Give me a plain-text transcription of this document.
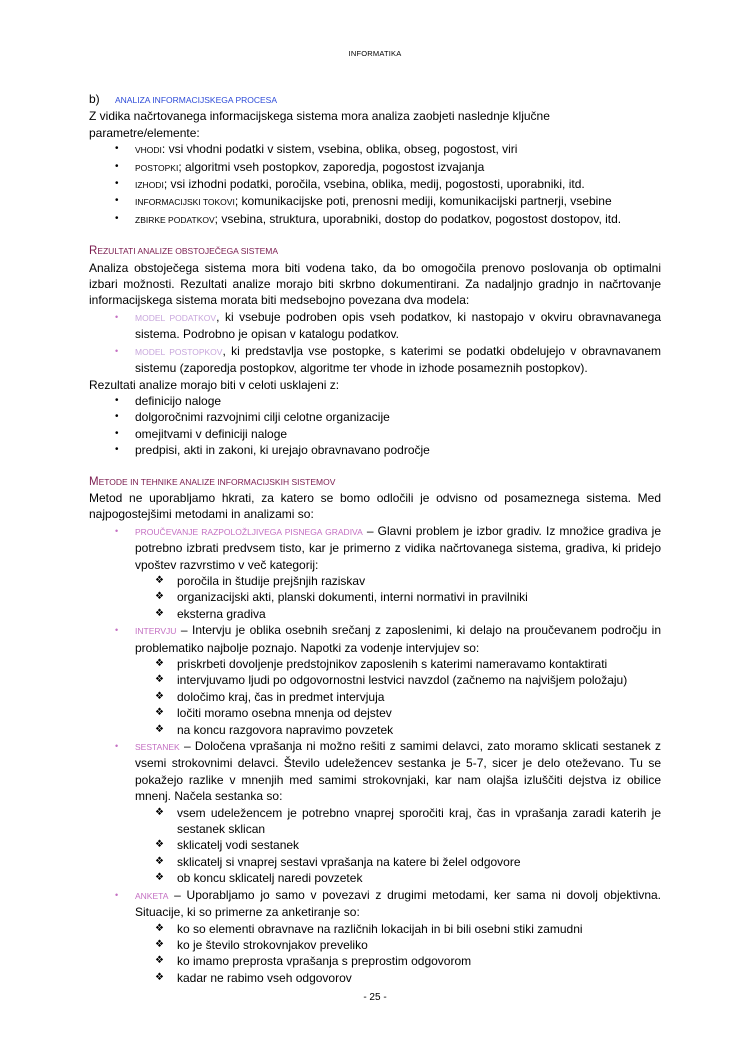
INFORMATIKA
b) ANALIZA INFORMACIJSKEGA PROCESA
Z vidika načrtovanega informacijskega sistema mora analiza zaobjeti naslednje ključne parametre/elemente:
• VHODI: vsi vhodni podatki v sistem, vsebina, oblika, obseg, pogostost, viri
• POSTOPKI; algoritmi vseh postopkov, zaporedja, pogostost izvajanja
• IZHODI; vsi izhodni podatki, poročila, vsebina, oblika, medij, pogostosti, uporabniki, itd.
• INFORMACIJSKI TOKOVI; komunikacijske poti, prenosni mediji, komunikacijski partnerji, vsebine
• ZBIRKE PODATKOV; vsebina, struktura, uporabniki, dostop do podatkov, pogostost dostopov, itd.
REZULTATI ANALIZE OBSTOJEČEGA SISTEMA
Analiza obstoječega sistema mora biti vodena tako, da bo omogočila prenovo poslovanja ob optimalni izbari možnosti. Rezultati analize morajo biti skrbno dokumentirani. Za nadaljnjo gradnjo in načrtovanje informacijskega sistema morata biti medsebojno povezana dva modela:
• MODEL PODATKOV, ki vsebuje podroben opis vseh podatkov, ki nastopajo v okviru obravnavanega sistema. Podrobno je opisan v katalogu podatkov.
• MODEL POSTOPKOV, ki predstavlja vse postopke, s katerimi se podatki obdelujejo v obravnavanem sistemu (zaporedja postopkov, algoritme ter vhode in izhode posameznih postopkov).
Rezultati analize morajo biti v celoti usklajeni z:
• definicijo naloge
• dolgoročnimi razvojnimi cilji celotne organizacije
• omejitvami v definiciji naloge
• predpisi, akti in zakoni, ki urejajo obravnavano področje
METODE IN TEHNIKE ANALIZE INFORMACIJSKIH SISTEMOV
Metod ne uporabljamo hkrati, za katero se bomo odločili je odvisno od posameznega sistema. Med najpogostejšimi metodami in analizami so:
• PROUČEVANJE RAZPOLOŽLJIVEGA PISNEGA GRADIVA – Glavni problem je izbor gradiv. Iz množice gradiva je potrebno izbrati predvsem tisto, kar je primerno z vidika načrtovanega sistema, gradiva, ki pridejo vpoštev razvrstimo v več kategorij:
❖ poročila in študije prejšnjih raziskav
❖ organizacijski akti, planski dokumenti, interni normativi in pravilniki
❖ eksterna gradiva
• INTERVJU – Intervju je oblika osebnih srečanj z zaposlenimi, ki delajo na proučevanem področju in problematiko najbolje poznajo. Napotki za vodenje intervjujev so:
❖ priskrbeti dovoljenje predstojnikov zaposlenih s katerimi nameravamo kontaktirati
❖ intervjuvamo ljudi po odgovornostni lestvici navzdol (začnemo na najvišjem položaju)
❖ določimo kraj, čas in predmet intervjuja
❖ ločiti moramo osebna mnenja od dejstev
❖ na koncu razgovora napravimo povzetek
• SESTANEK – Določena vprašanja ni možno rešiti z samimi delavci, zato moramo sklicati sestanek z vsemi strokovnimi delavci. Število udeležencev sestanka je 5-7, sicer je delo oteževano. Tu se pokažejo razlike v mnenjih med samimi strokovnjaki, kar nam olajša izluščiti dejstva iz obilice mnenj. Načela sestanka so:
❖ vsem udeležencem je potrebno vnaprej sporočiti kraj, čas in vprašanja zaradi katerih je sestanek sklican
❖ sklicatelj vodi sestanek
❖ sklicatelj si vnaprej sestavi vprašanja na katere bi želel odgovore
❖ ob koncu sklicatelj naredi povzetek
• ANKETA – Uporabljamo jo samo v povezavi z drugimi metodami, ker sama ni dovolj objektivna. Situacije, ki so primerne za anketiranje so:
❖ ko so elementi obravnave na različnih lokacijah in bi bili osebni stiki zamudni
❖ ko je število strokovnjakov preveliko
❖ ko imamo preprosta vprašanja s preprostim odgovorom
❖ kadar ne rabimo vseh odgovorov
- 25 -
